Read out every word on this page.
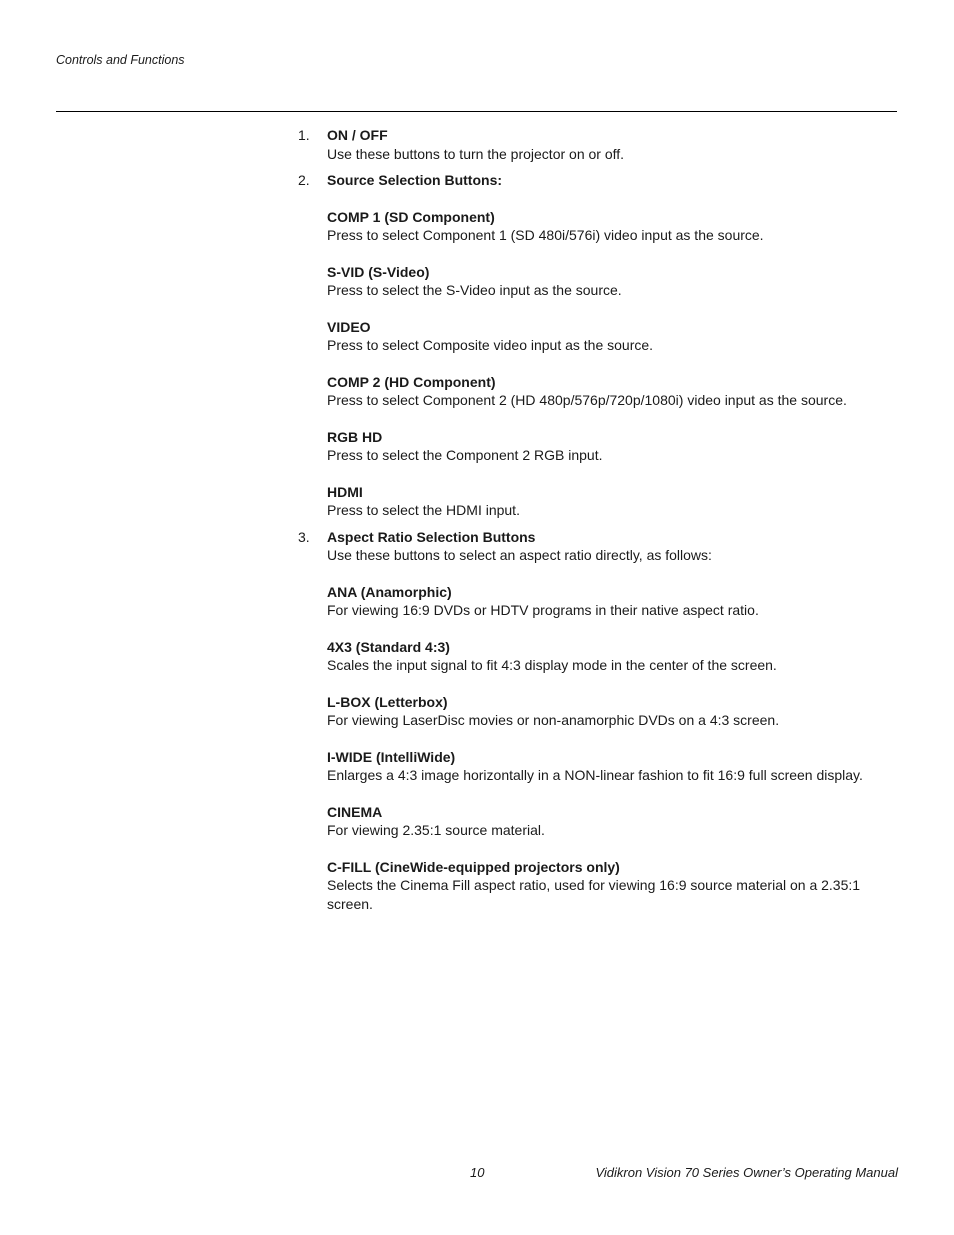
Controls and Functions
1. ON / OFF
Use these buttons to turn the projector on or off.
2. Source Selection Buttons:
COMP 1 (SD Component)
Press to select Component 1 (SD 480i/576i) video input as the source.
S-VID (S-Video)
Press to select the S-Video input as the source.
VIDEO
Press to select Composite video input as the source.
COMP 2 (HD Component)
Press to select Component 2 (HD 480p/576p/720p/1080i) video input as the source.
RGB HD
Press to select the Component 2 RGB input.
HDMI
Press to select the HDMI input.
3. Aspect Ratio Selection Buttons
Use these buttons to select an aspect ratio directly, as follows:
ANA (Anamorphic)
For viewing 16:9 DVDs or HDTV programs in their native aspect ratio.
4X3 (Standard 4:3)
Scales the input signal to fit 4:3 display mode in the center of the screen.
L-BOX (Letterbox)
For viewing LaserDisc movies or non-anamorphic DVDs on a 4:3 screen.
I-WIDE (IntelliWide)
Enlarges a 4:3 image horizontally in a NON-linear fashion to fit 16:9 full screen display.
CINEMA
For viewing 2.35:1 source material.
C-FILL (CineWide-equipped projectors only)
Selects the Cinema Fill aspect ratio, used for viewing 16:9 source material on a 2.35:1 screen.
10	Vidikron Vision 70 Series Owner’s Operating Manual
